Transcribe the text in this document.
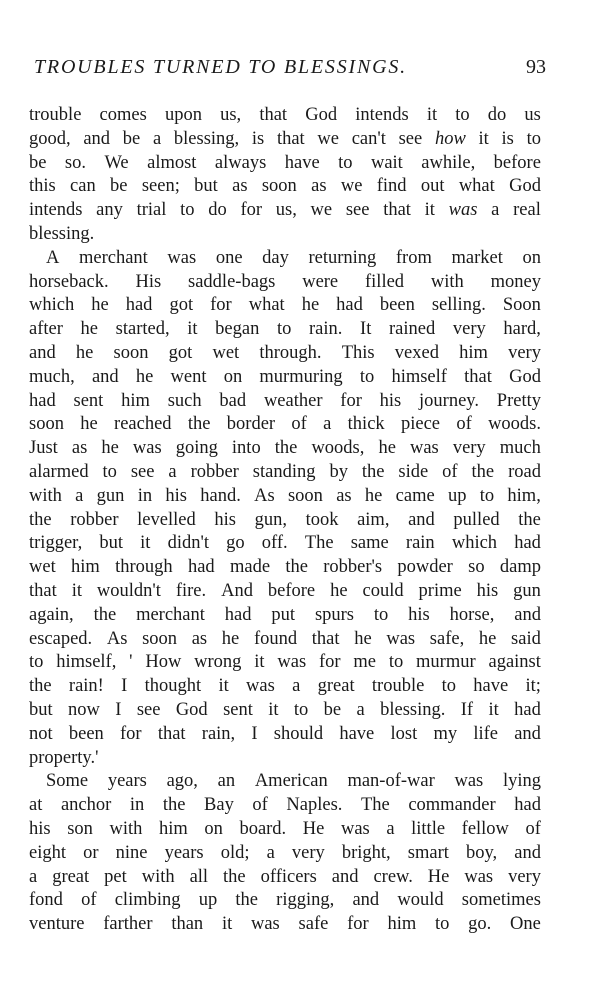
TROUBLES TURNED TO BLESSINGS.	93
trouble comes upon us, that God intends it to do us
good, and be a blessing, is that we can't see how it is to
be so. We almost always have to wait awhile, before
this can be seen; but as soon as we find out what God
intends any trial to do for us, we see that it was a real
blessing.
A merchant was one day returning from market on
horseback. His saddle-bags were filled with money
which he had got for what he had been selling. Soon
after he started, it began to rain. It rained very hard,
and he soon got wet through. This vexed him very
much, and he went on murmuring to himself that God
had sent him such bad weather for his journey. Pretty
soon he reached the border of a thick piece of woods.
Just as he was going into the woods, he was very much
alarmed to see a robber standing by the side of the road
with a gun in his hand. As soon as he came up to him,
the robber levelled his gun, took aim, and pulled the
trigger, but it didn't go off. The same rain which had
wet him through had made the robber's powder so damp
that it wouldn't fire. And before he could prime his gun
again, the merchant had put spurs to his horse, and
escaped. As soon as he found that he was safe, he said
to himself, ' How wrong it was for me to murmur against
the rain! I thought it was a great trouble to have it;
but now I see God sent it to be a blessing. If it had
not been for that rain, I should have lost my life and
property.'
Some years ago, an American man-of-war was lying
at anchor in the Bay of Naples. The commander had
his son with him on board. He was a little fellow of
eight or nine years old; a very bright, smart boy, and
a great pet with all the officers and crew. He was very
fond of climbing up the rigging, and would sometimes
venture farther than it was safe for him to go. One
